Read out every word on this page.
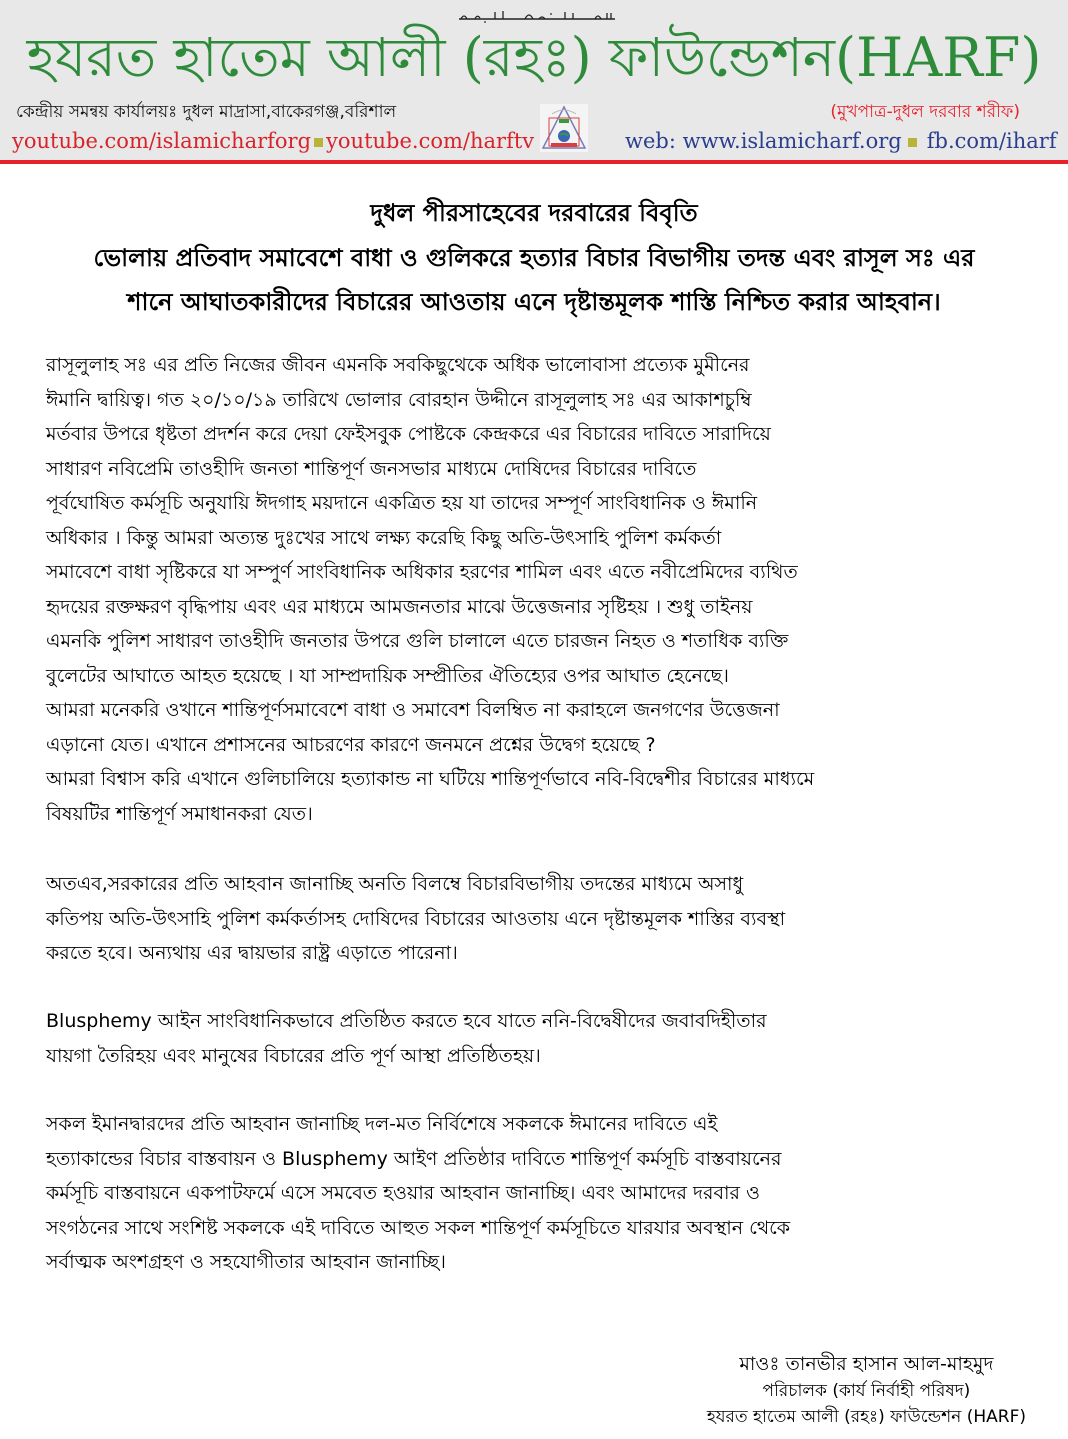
হযরত হাতেম আলী (রহঃ) ফাউন্ডেশন(HARF)
কেন্দ্রীয় সমন্বয় কার্যালয়ঃ দুধল মাদ্রাসা,বাকেরগঞ্জ,বরিশাল	(মুখপাত্র-দুধল দরবার শরীফ)
youtube.com/islamicharforg youtube.com/harftv	web: www.islamicharf.org fb.com/iharf
দুধল পীরসাহেবের দরবারের বিবৃতি
ভোলায় প্রতিবাদ সমাবেশে বাধা ও গুলিকরে হত্যার বিচার বিভাগীয় তদন্ত এবং রাসূল সঃ এর
শানে আঘাতকারীদের বিচারের আওতায় এনে দৃষ্টান্তমূলক শাস্তি নিশ্চিত করার আহবান।
রাসূলুলাহ সঃ এর প্রতি নিজের জীবন এমনকি সবকিছুথেকে অধিক ভালোবাসা প্রত্যেক মুমীনের
ঈমানি দ্বায়িত্ব। গত ২০/১০/১৯ তারিখে ভোলার বোরহান উদ্দীনে রাসূলুলাহ সঃ এর আকাশচুম্বি
মর্তবার উপরে ধৃষ্টতা প্রদর্শন করে দেয়া ফেইসবুক পোষ্টকে কেন্দ্রকরে এর বিচারের দাবিতে সারাদিয়ে
সাধারণ নবিপ্রেমি তাওহীদি জনতা শান্তিপূর্ণ জনসভার মাধ্যমে দোষিদের বিচারের দাবিতে
পূর্বঘোষিত কর্মসূচি অনুযায়ি ঈদগাহ ময়দানে একত্রিত হয় যা তাদের সম্পূর্ণ সাংবিধানিক ও ঈমানি
অধিকার । কিন্তু আমরা অত্যন্ত দুঃখের সাথে লক্ষ্য করেছি কিছু অতি-উৎসাহি পুলিশ কর্মকর্তা
সমাবেশে বাধা সৃষ্টিকরে যা সম্পুর্ণ সাংবিধানিক অধিকার হরণের শামিল এবং এতে নবীপ্রেমিদের ব্যথিত
হৃদয়ের রক্তক্ষরণ বৃদ্ধিপায় এবং এর মাধ্যমে আমজনতার মাঝে উত্তেজনার সৃষ্টিহয় । শুধু তাইনয়
এমনকি পুলিশ সাধারণ তাওহীদি জনতার উপরে গুলি চালালে এতে চারজন নিহত ও শতাধিক ব্যক্তি
বুলেটের আঘাতে আহত হয়েছে । যা সাম্প্রদায়িক সম্প্রীতির ঐতিহ্যের ওপর আঘাত হেনেছে।
আমরা মনেকরি ওখানে শান্তিপূর্ণসমাবেশে বাধা ও সমাবেশ বিলম্বিত না করাহলে জনগণের উত্তেজনা
এড়ানো যেত। এখানে প্রশাসনের আচরণের কারণে জনমনে প্রশ্নের উদ্বেগ হয়েছে ?
আমরা বিশ্বাস করি এখানে গুলিচালিয়ে হত্যাকান্ড না ঘটিয়ে শান্তিপূর্ণভাবে নবি-বিদ্বেশীর বিচারের মাধ্যমে
বিষয়টির শান্তিপূর্ণ সমাধানকরা যেত।
অতএব,সরকারের প্রতি আহবান জানাচ্ছি অনতি বিলম্বে বিচারবিভাগীয় তদন্তের মাধ্যমে অসাধু
কতিপয় অতি-উৎসাহি পুলিশ কর্মকর্তাসহ দোষিদের বিচারের আওতায় এনে দৃষ্টান্তমূলক শাস্তির ব্যবস্থা
করতে হবে। অন্যথায় এর দ্বায়ভার রাষ্ট্র এড়াতে পারেনা।
Blusphemy আইন সাংবিধানিকভাবে প্রতিষ্ঠিত করতে হবে যাতে ননি-বিদ্বেষীদের জবাবদিহীতার
যায়গা তৈরিহয় এবং মানুষের বিচারের প্রতি পূর্ণ আস্থা প্রতিষ্ঠিতহয়।
সকল ইমানদ্বারদের প্রতি আহবান জানাচ্ছি দল-মত নির্বিশেষে সকলকে ঈমানের দাবিতে এই
হত্যাকান্ডের বিচার বাস্তবায়ন ও Blusphemy আইণ প্রতিষ্ঠার দাবিতে শান্তিপূর্ণ কর্মসূচি বাস্তবায়নের
কর্মসূচি বাস্তবায়নে একপাটফর্মে এসে সমবেত হওয়ার আহবান জানাচ্ছি। এবং আমাদের দরবার ও
সংগঠনের সাথে সংশিষ্ট সকলকে এই দাবিতে আহুত সকল শান্তিপূর্ণ কর্মসূচিতে যারযার অবস্থান থেকে
সর্বাত্মক অংশগ্রহণ ও সহযোগীতার আহবান জানাচ্ছি।
মাওঃ তানভীর হাসান আল-মাহমুদ
পরিচালক (কার্য নির্বাহী পরিষদ)
হযরত হাতেম আলী (রহঃ) ফাউন্ডেশন (HARF)
